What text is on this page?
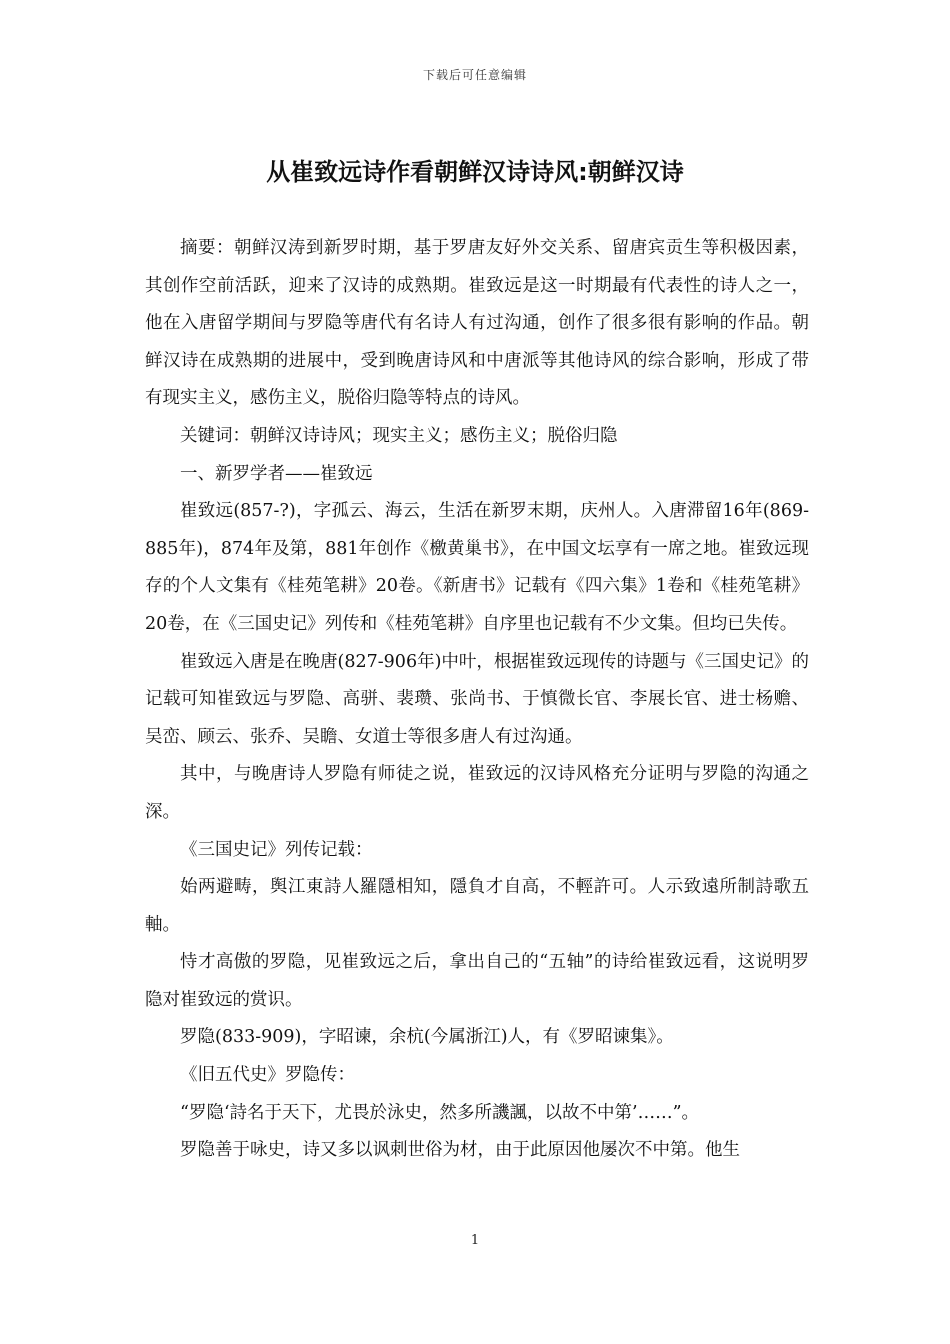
下载后可任意编辑
从崔致远诗作看朝鲜汉诗诗风:朝鲜汉诗

摘要：朝鲜汉涛到新罗时期，基于罗唐友好外交关系、留唐宾贡生等积极因素，其创作空前活跃，迎来了汉诗的成熟期。崔致远是这一时期最有代表性的诗人之一，他在入唐留学期间与罗隐等唐代有名诗人有过沟通，创作了很多很有影响的作品。朝鲜汉诗在成熟期的进展中，受到晚唐诗风和中唐派等其他诗风的综合影响，形成了带有现实主义，感伤主义，脱俗归隐等特点的诗风。

关键词：朝鲜汉诗诗风；现实主义；感伤主义；脱俗归隐

一、新罗学者——崔致远

崔致远(857-?)，字孤云、海云，生活在新罗末期，庆州人。入唐滞留16年(869-885年)，874年及第，881年创作《檄黄巢书》，在中国文坛享有一席之地。崔致远现存的个人文集有《桂苑笔耕》20卷。《新唐书》记载有《四六集》1卷和《桂苑笔耕》20卷，在《三国史记》列传和《桂苑笔耕》自序里也记载有不少文集。但均已失传。

崔致远入唐是在晚唐(827-906年)中叶，根据崔致远现传的诗题与《三国史记》的记载可知崔致远与罗隐、高骈、裴瓒、张尚书、于慎微长官、李展长官、进士杨赡、吴峦、顾云、张乔、吴瞻、女道士等很多唐人有过沟通。

其中，与晚唐诗人罗隐有师徒之说，崔致远的汉诗风格充分证明与罗隐的沟通之深。

《三国史记》列传记载：

始两避畴，舆江東詩人羅隱相知，隱負才自高，不輕許可。人示致遠所制詩歌五軸。

恃才高傲的罗隐，见崔致远之后，拿出自己的“五轴”的诗给崔致远看，这说明罗隐对崔致远的赏识。

罗隐(833-909)，字昭谏，余杭(今属浙江)人，有《罗昭谏集》。

《旧五代史》罗隐传：

“罗隐‘詩名于天下，尤畏於泳史，然多所譏諷，以故不中第’……”。

罗隐善于咏史，诗又多以讽刺世俗为材，由于此原因他屡次不中第。他生

1
